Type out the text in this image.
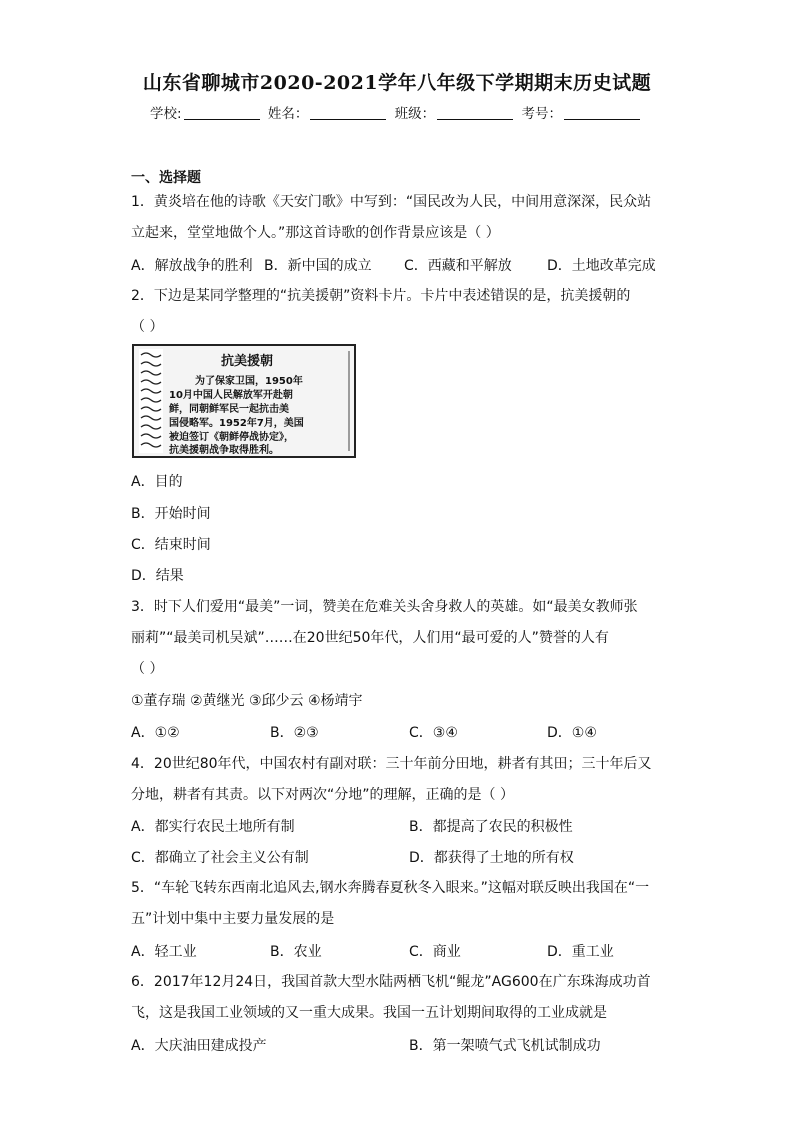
山东省聊城市2020-2021学年八年级下学期期末历史试题
学校:	姓名：	班级：	考号：
一、选择题
1．黄炎培在他的诗歌《天安门歌》中写到：“国民改为人民，中间用意深深，民众站
立起来，堂堂地做个人。”那这首诗歌的创作背景应该是（ ）
A．解放战争的胜利 B．新中国的成立 C．西藏和平解放	D．土地改革完成
2．下边是某同学整理的“抗美援朝”资料卡片。卡片中表述错误的是，抗美援朝的
（ ）
抗美援朝
为了保家卫国，1950年
10月中国人民解放军开赴朝
鲜，同朝鲜军民一起抗击美
国侵略军。1952年7月，美国
被迫签订《朝鲜停战协定》，
抗美援朝战争取得胜利。
A．目的
B．开始时间
C．结束时间
D．结果
3．时下人们爱用“最美”一词，赞美在危难关头舍身救人的英雄。如“最美女教师张
丽莉”“最美司机吴斌”……在20世纪50年代，人们用“最可爱的人”赞誉的人有
（ ）
①董存瑞 ②黄继光 ③邱少云 ④杨靖宇
A．①②	B．②③	C．③④	D．①④
4．20世纪80年代，中国农村有副对联：三十年前分田地，耕者有其田；三十年后又
分地，耕者有其责。以下对两次“分地”的理解，正确的是（ ）
A．都实行农民土地所有制	B．都提高了农民的积极性
C．都确立了社会主义公有制	D．都获得了土地的所有权
5．“车轮飞转东西南北追风去,钢水奔腾春夏秋冬入眼来。”这幅对联反映出我国在“一
五”计划中集中主要力量发展的是
A．轻工业	B．农业	C．商业	D．重工业
6．2017年12月24日，我国首款大型水陆两栖飞机“鲲龙”AG600在广东珠海成功首
飞，这是我国工业领域的又一重大成果。我国一五计划期间取得的工业成就是
A．大庆油田建成投产	B．第一架喷气式飞机试制成功
